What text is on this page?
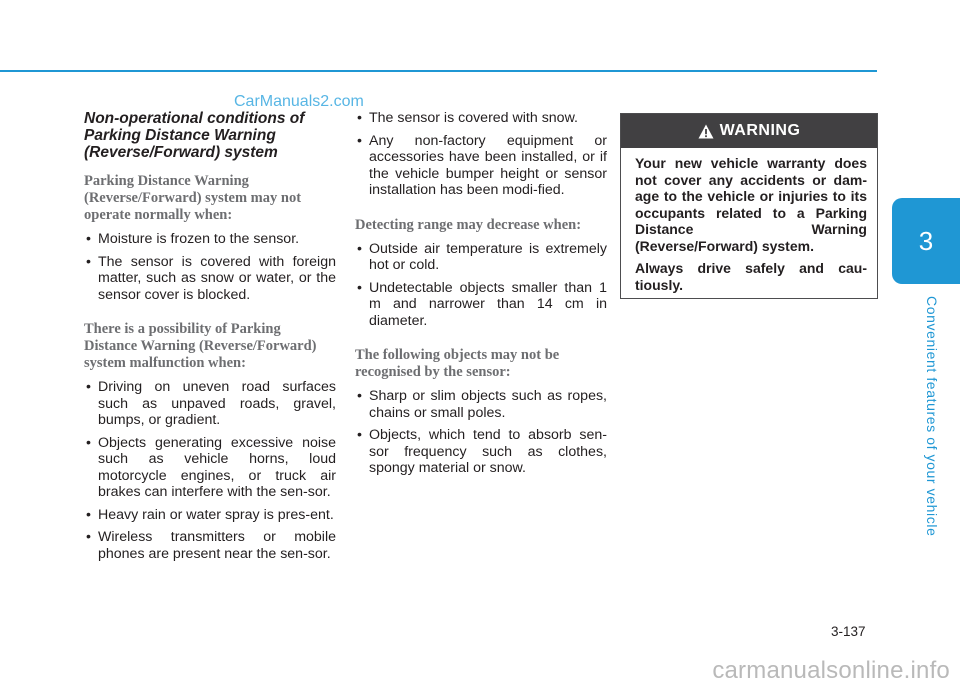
CarManuals2.com
Non-operational conditions of Parking Distance Warning (Reverse/Forward) system
Parking Distance Warning (Reverse/Forward) system may not operate normally when:
• Moisture is frozen to the sensor.
• The sensor is covered with foreign matter, such as snow or water, or the sensor cover is blocked.
There is a possibility of Parking Distance Warning (Reverse/Forward) system malfunction when:
• Driving on uneven road surfaces such as unpaved roads, gravel, bumps, or gradient.
• Objects generating excessive noise such as vehicle horns, loud motorcycle engines, or truck air brakes can interfere with the sen-sor.
• Heavy rain or water spray is pres-ent.
• Wireless transmitters or mobile phones are present near the sen-sor.
• The sensor is covered with snow.
• Any non-factory equipment or accessories have been installed, or if the vehicle bumper height or sensor installation has been modi-fied.
Detecting range may decrease when:
• Outside air temperature is extremely hot or cold.
• Undetectable objects smaller than 1 m and narrower than 14 cm in diameter.
The following objects may not be recognised by the sensor:
• Sharp or slim objects such as ropes, chains or small poles.
• Objects, which tend to absorb sen-sor frequency such as clothes, spongy material or snow.
WARNING

Your new vehicle warranty does not cover any accidents or dam-age to the vehicle or injuries to its occupants related to a Parking Distance Warning (Reverse/Forward) system.

Always drive safely and cau-tiously.

3
Convenient features of your vehicle
3-137
carmanualsonline.info
